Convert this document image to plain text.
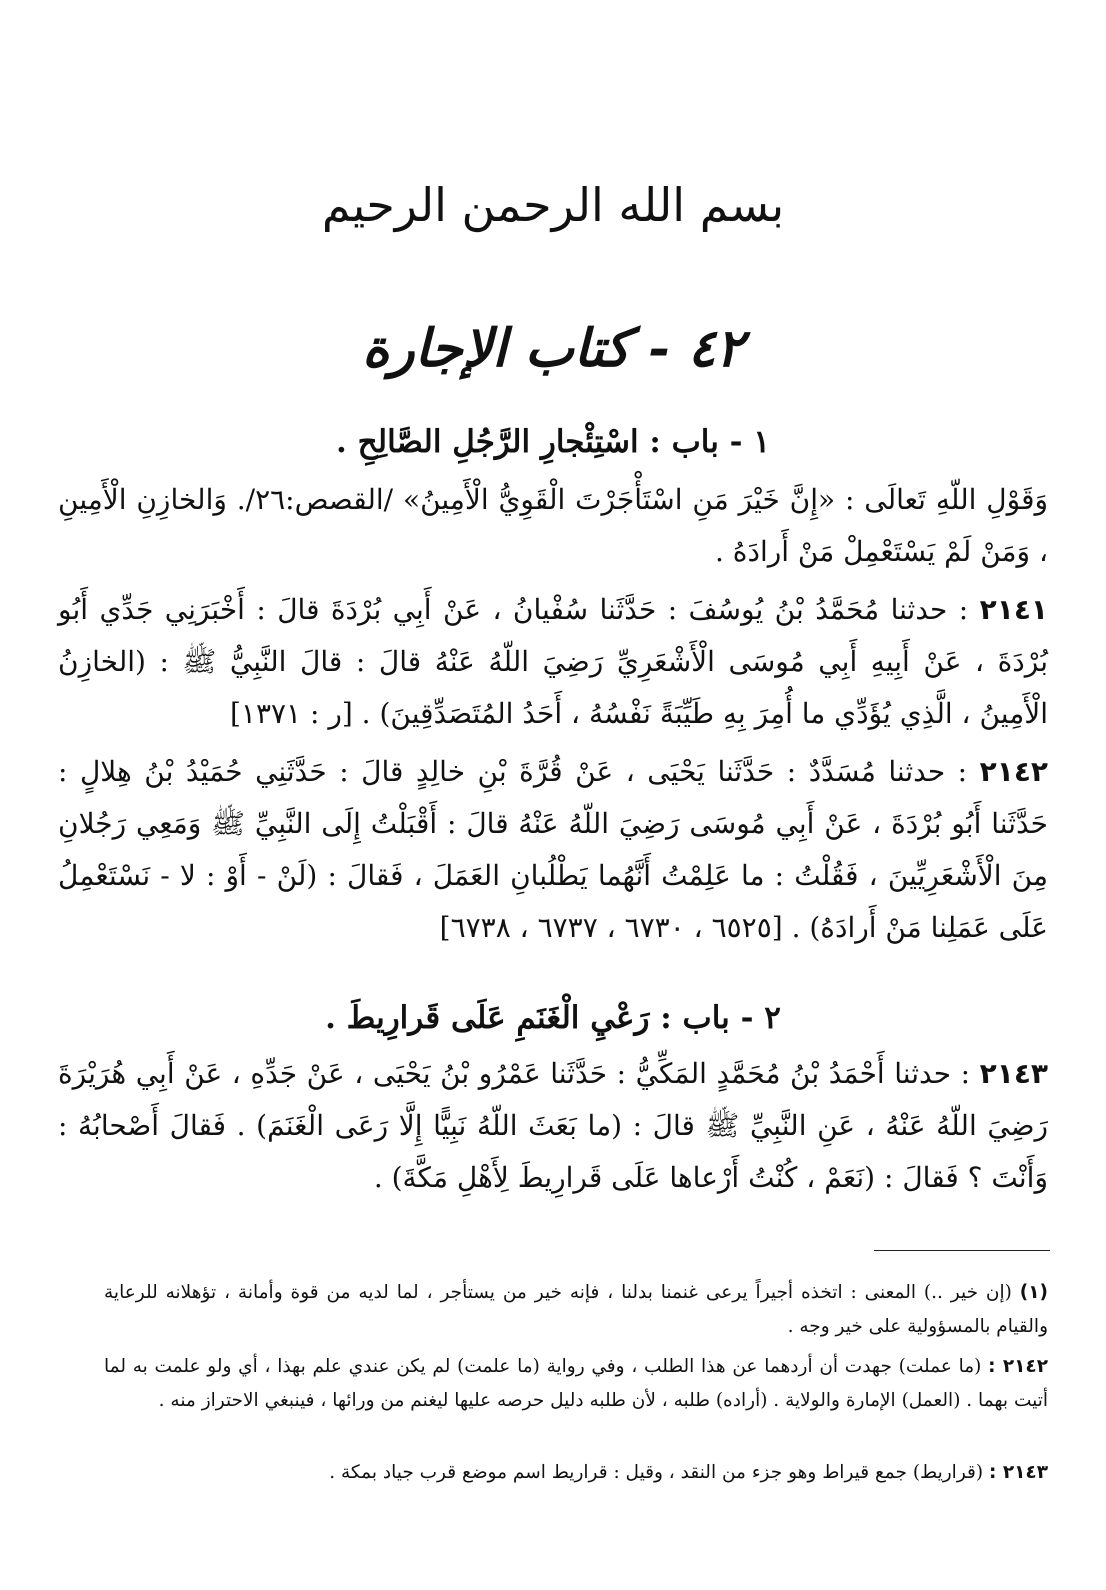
بسم الله الرحمن الرحيم
٤٢ - كتاب الإجارة
١ - باب : اسْتِئْجارِ الرَّجُلِ الصَّالِحِ .
وَقَوْلِ اللّهِ تَعالَى : «إِنَّ خَيْرَ مَنِ اسْتَأْجَرْتَ الْقَوِيُّ الْأَمِينُ» /القصص:٢٦/. وَالخازِنِ الْأَمِينِ ، وَمَنْ لَمْ يَسْتَعْمِلْ مَنْ أَرادَهُ .
٢١٤١ : حدثنا مُحَمَّدُ بْنُ يُوسُفَ : حَدَّثَنا سُفْيانُ ، عَنْ أَبِي بُرْدَةَ قالَ : أَخْبَرَنِي جَدِّي أَبُو بُرْدَةَ ، عَنْ أَبِيهِ أَبِي مُوسَى الْأَشْعَرِيِّ رَضِيَ اللّهُ عَنْهُ قالَ : قالَ النَّبِيُّ ﷺ : (الخازِنُ الْأَمِينُ ، الَّذِي يُؤَدِّي ما أُمِرَ بِهِ طَيِّبَةً نَفْسُهُ ، أَحَدُ المُتَصَدِّقِينَ) . [ر : ١٣٧١]
٢١٤٢ : حدثنا مُسَدَّدٌ : حَدَّثَنا يَحْيَى ، عَنْ قُرَّةَ بْنِ خالِدٍ قالَ : حَدَّثَنِي حُمَيْدُ بْنُ هِلالٍ : حَدَّثَنا أَبُو بُرْدَةَ ، عَنْ أَبِي مُوسَى رَضِيَ اللّهُ عَنْهُ قالَ : أَقْبَلْتُ إِلَى النَّبِيِّ ﷺ وَمَعِي رَجُلانِ مِنَ الْأَشْعَرِيِّينَ ، فَقُلْتُ : ما عَلِمْتُ أَنَّهُما يَطْلُبانِ العَمَلَ ، فَقالَ : (لَنْ - أَوْ : لا - نَسْتَعْمِلُ عَلَى عَمَلِنا مَنْ أَرادَهُ) . [٦٥٢٥ ، ٦٧٣٠ ، ٦٧٣٧ ، ٦٧٣٨]
٢ - باب : رَعْيِ الْغَنَمِ عَلَى قَرارِيطَ .
٢١٤٣ : حدثنا أَحْمَدُ بْنُ مُحَمَّدٍ المَكِّيُّ : حَدَّثَنا عَمْرُو بْنُ يَحْيَى ، عَنْ جَدِّهِ ، عَنْ أَبِي هُرَيْرَةَ رَضِيَ اللّهُ عَنْهُ ، عَنِ النَّبِيِّ ﷺ قالَ : (ما بَعَثَ اللّهُ نَبِيًّا إِلَّا رَعَى الْغَنَمَ) . فَقالَ أَصْحابُهُ : وَأَنْتَ ؟ فَقالَ : (نَعَمْ ، كُنْتُ أَرْعاها عَلَى قَرارِيطَ لِأَهْلِ مَكَّةَ) .
(١) (إن خير ..) المعنى : اتخذه أجيراً يرعى غنمنا بدلنا ، فإنه خير من يستأجر ، لما لديه من قوة وأمانة ، تؤهلانه للرعاية والقيام بالمسؤولية على خير وجه .
٢١٤٢ : (ما عملت) جهدت أن أردهما عن هذا الطلب ، وفي رواية (ما علمت) لم يكن عندي علم بهذا ، أي ولو علمت به لما أتيت بهما . (العمل) الإمارة والولاية . (أراده) طلبه ، لأن طلبه دليل حرصه عليها ليغنم من ورائها ، فينبغي الاحتراز منه .
٢١٤٣ : (قراريط) جمع قيراط وهو جزء من النقد ، وقيل : قراريط اسم موضع قرب جياد بمكة .
